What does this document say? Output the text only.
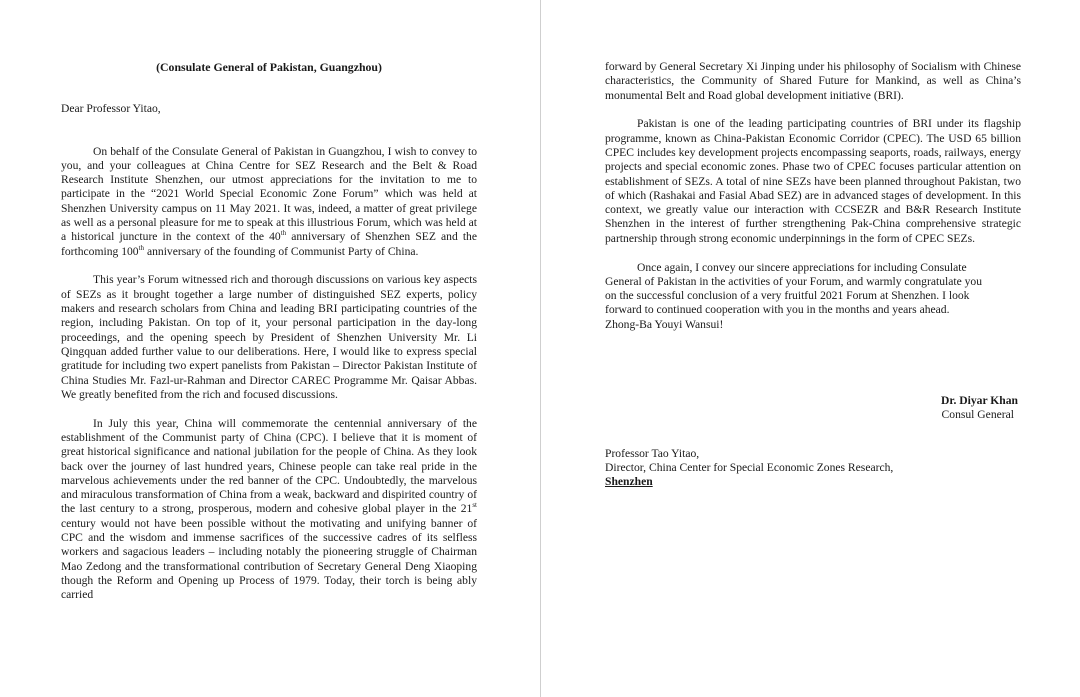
(Consulate General of Pakistan, Guangzhou)

Dear Professor Yitao,

On behalf of the Consulate General of Pakistan in Guangzhou, I wish to convey to you, and your colleagues at China Centre for SEZ Research and the Belt & Road Research Institute Shenzhen, our utmost appreciations for the invitation to me to participate in the “2021 World Special Economic Zone Forum” which was held at Shenzhen University campus on 11 May 2021. It was, indeed, a matter of great privilege as well as a personal pleasure for me to speak at this illustrious Forum, which was held at a historical juncture in the context of the 40th anniversary of Shenzhen SEZ and the forthcoming 100th anniversary of the founding of Communist Party of China.

This year’s Forum witnessed rich and thorough discussions on various key aspects of SEZs as it brought together a large number of distinguished SEZ experts, policy makers and research scholars from China and leading BRI participating countries of the region, including Pakistan. On top of it, your personal participation in the day-long proceedings, and the opening speech by President of Shenzhen University Mr. Li Qingquan added further value to our deliberations. Here, I would like to express special gratitude for including two expert panelists from Pakistan – Director Pakistan Institute of China Studies Mr. Fazl-ur-Rahman and Director CAREC Programme Mr. Qaisar Abbas. We greatly benefited from the rich and focused discussions.

In July this year, China will commemorate the centennial anniversary of the establishment of the Communist party of China (CPC). I believe that it is moment of great historical significance and national jubilation for the people of China. As they look back over the journey of last hundred years, Chinese people can take real pride in the marvelous achievements under the red banner of the CPC. Undoubtedly, the marvelous and miraculous transformation of China from a weak, backward and dispirited country of the last century to a strong, prosperous, modern and cohesive global player in the 21st century would not have been possible without the motivating and unifying banner of CPC and the wisdom and immense sacrifices of the successive cadres of its selfless workers and sagacious leaders – including notably the pioneering struggle of Chairman Mao Zedong and the transformational contribution of Secretary General Deng Xiaoping though the Reform and Opening up Process of 1979. Today, their torch is being ably carried

forward by General Secretary Xi Jinping under his philosophy of Socialism with Chinese characteristics, the Community of Shared Future for Mankind, as well as China’s monumental Belt and Road global development initiative (BRI).

Pakistan is one of the leading participating countries of BRI under its flagship programme, known as China-Pakistan Economic Corridor (CPEC). The USD 65 billion CPEC includes key development projects encompassing seaports, roads, railways, energy projects and special economic zones. Phase two of CPEC focuses particular attention on establishment of SEZs. A total of nine SEZs have been planned throughout Pakistan, two of which (Rashakai and Fasial Abad SEZ) are in advanced stages of development. In this context, we greatly value our interaction with CCSEZR and B&R Research Institute Shenzhen in the interest of further strengthening Pak-China comprehensive strategic partnership through strong economic underpinnings in the form of CPEC SEZs.

Once again, I convey our sincere appreciations for including Consulate
General of Pakistan in the activities of your Forum, and warmly congratulate you
on the successful conclusion of a very fruitful 2021 Forum at Shenzhen. I look
forward to continued cooperation with you in the months and years ahead.
Zhong-Ba Youyi Wansui!

Dr. Diyar Khan

Consul General

Professor Tao Yitao,

Director, China Center for Special Economic Zones Research,

Shenzhen
